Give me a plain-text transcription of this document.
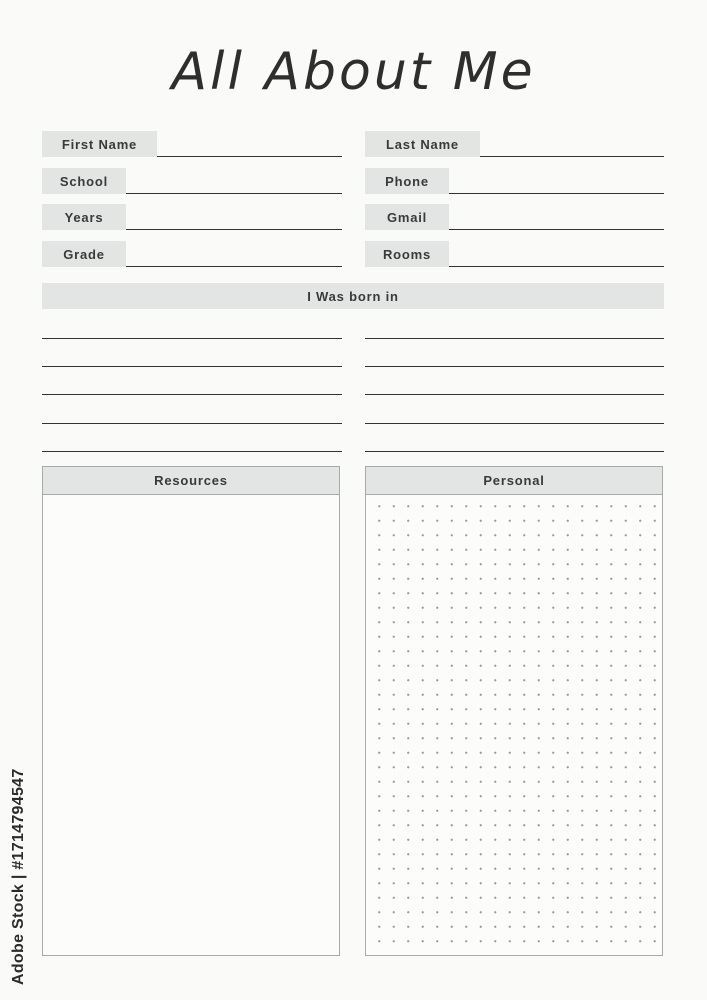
All About Me
First Name
School
Years
Grade
Last Name
Phone
Gmail
Rooms
I Was born in
Resources	Personal
Adobe Stock | #1714794547
